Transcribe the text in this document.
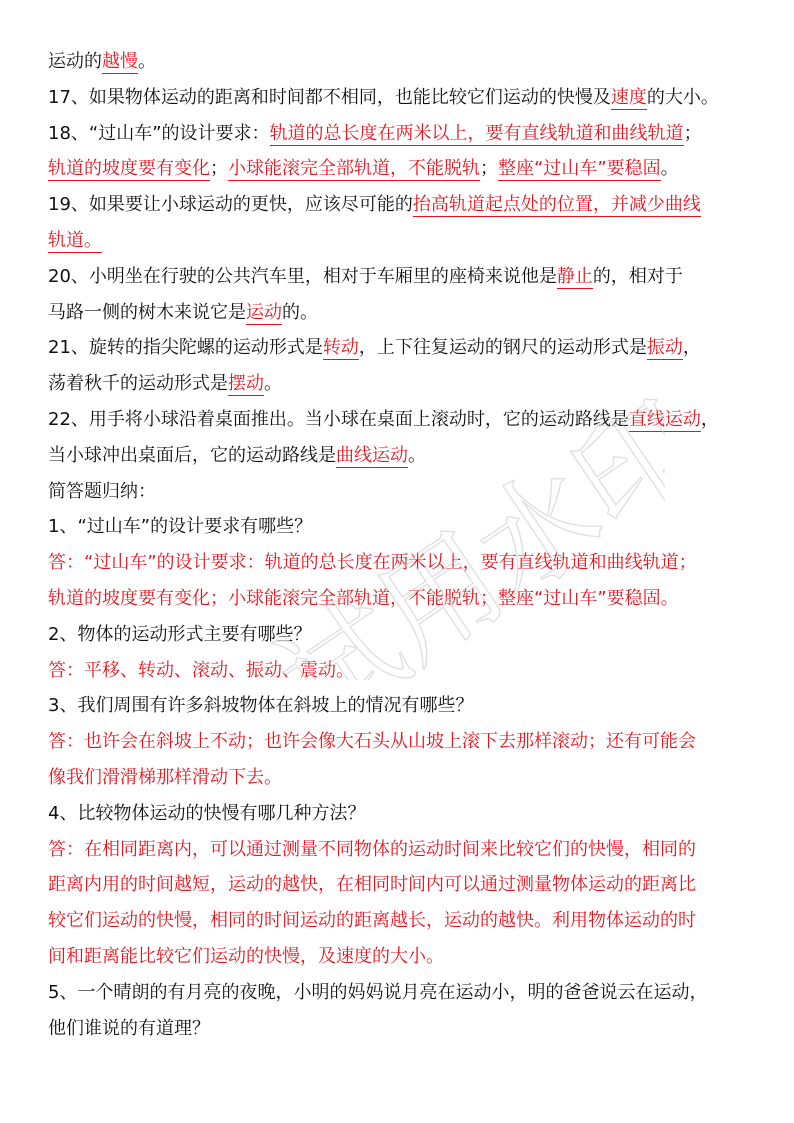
运动的越慢。
17、如果物体运动的距离和时间都不相同，也能比较它们运动的快慢及速度的大小。
18、“过山车”的设计要求：轨道的总长度在两米以上，要有直线轨道和曲线轨道；
轨道的坡度要有变化；小球能滚完全部轨道，不能脱轨；整座“过山车”要稳固。
19、如果要让小球运动的更快，应该尽可能的抬高轨道起点处的位置，并减少曲线
轨道。
20、小明坐在行驶的公共汽车里，相对于车厢里的座椅来说他是静止的，相对于
马路一侧的树木来说它是运动的。
21、旋转的指尖陀螺的运动形式是转动，上下往复运动的钢尺的运动形式是振动，
荡着秋千的运动形式是摆动。
22、用手将小球沿着桌面推出。当小球在桌面上滚动时，它的运动路线是直线运动，
当小球冲出桌面后，它的运动路线是曲线运动。
简答题归纳：
1、“过山车”的设计要求有哪些？
答：“过山车”的设计要求：轨道的总长度在两米以上，要有直线轨道和曲线轨道；
轨道的坡度要有变化；小球能滚完全部轨道，不能脱轨；整座“过山车”要稳固。
2、物体的运动形式主要有哪些？
答：平移、转动、滚动、振动、震动。
3、我们周围有许多斜坡物体在斜坡上的情况有哪些？
答：也许会在斜坡上不动；也许会像大石头从山坡上滚下去那样滚动；还有可能会
像我们滑滑梯那样滑动下去。
4、比较物体运动的快慢有哪几种方法？
答：在相同距离内，可以通过测量不同物体的运动时间来比较它们的快慢，相同的
距离内用的时间越短，运动的越快，在相同时间内可以通过测量物体运动的距离比
较它们运动的快慢，相同的时间运动的距离越长，运动的越快。利用物体运动的时
间和距离能比较它们运动的快慢，及速度的大小。
5、一个晴朗的有月亮的夜晚，小明的妈妈说月亮在运动小，明的爸爸说云在运动，
他们谁说的有道理？
试用水印
